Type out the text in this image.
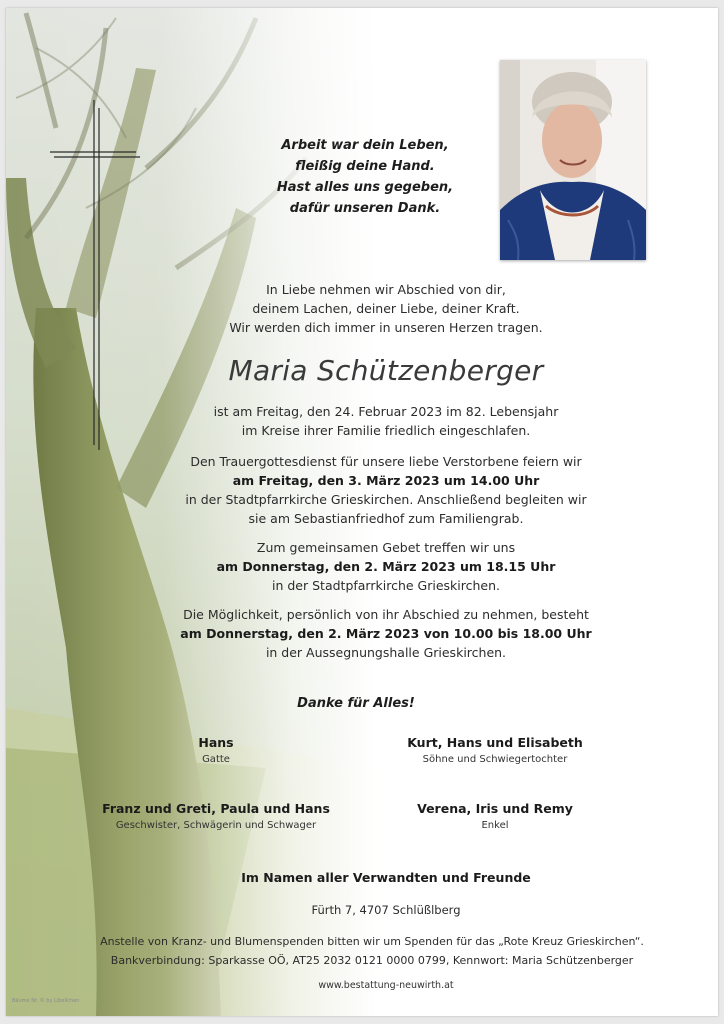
Arbeit war dein Leben,
fleißig deine Hand.
Hast alles uns gegeben,
dafür unseren Dank.
In Liebe nehmen wir Abschied von dir,
deinem Lachen, deiner Liebe, deiner Kraft.
Wir werden dich immer in unseren Herzen tragen.
Maria Schützenberger
ist am Freitag, den 24. Februar 2023 im 82. Lebensjahr
im Kreise ihrer Familie friedlich eingeschlafen.
Den Trauergottesdienst für unsere liebe Verstorbene feiern wir
am Freitag, den 3. März 2023 um 14.00 Uhr
in der Stadtpfarrkirche Grieskirchen. Anschließend begleiten wir
sie am Sebastianfriedhof zum Familiengrab.
Zum gemeinsamen Gebet treffen wir uns
am Donnerstag, den 2. März 2023 um 18.15 Uhr
in der Stadtpfarrkirche Grieskirchen.
Die Möglichkeit, persönlich von ihr Abschied zu nehmen, besteht
am Donnerstag, den 2. März 2023 von 10.00 bis 18.00 Uhr
in der Aussegnungshalle Grieskirchen.
Danke für Alles!
Hans
Gatte
Kurt, Hans und Elisabeth
Söhne und Schwiegertochter
Franz und Greti, Paula und Hans
Geschwister, Schwägerin und Schwager
Verena, Iris und Remy
Enkel
Im Namen aller Verwandten und Freunde
Fürth 7, 4707 Schlüßlberg
Anstelle von Kranz- und Blumenspenden bitten wir um Spenden für das „Rote Kreuz Grieskirchen“.
Bankverbindung: Sparkasse OÖ, AT25 2032 0121 0000 0799, Kennwort: Maria Schützenberger
www.bestattung-neuwirth.at
Bäume Nr. © by Libellchen
